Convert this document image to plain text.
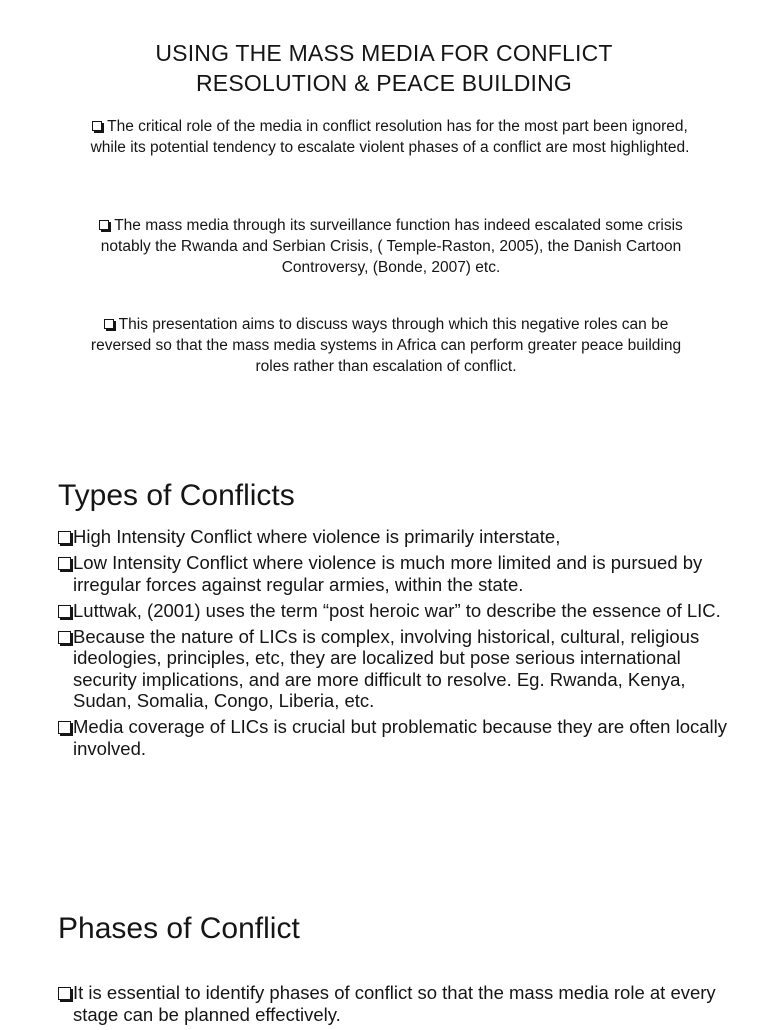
USING THE MASS MEDIA FOR CONFLICT
RESOLUTION & PEACE BUILDING
The critical role of the media in conflict resolution has for the most part been ignored, while its potential tendency to escalate violent phases of a conflict are most highlighted.
The mass media through its surveillance function has indeed escalated some crisis notably the Rwanda and Serbian Crisis, ( Temple-Raston, 2005), the Danish Cartoon Controversy, (Bonde, 2007) etc.
This presentation aims to discuss ways through which this negative roles can be reversed so that the mass media systems in Africa can perform greater peace building roles rather than escalation of conflict.
Types of Conflicts
High Intensity Conflict where violence is primarily interstate,
Low Intensity Conflict where violence is much more limited and is pursued by irregular forces against regular armies, within the state.
Luttwak, (2001) uses the term “post heroic war” to describe the essence of LIC.
Because the nature of LICs is complex, involving historical, cultural, religious ideologies, principles, etc, they are localized but pose serious international security implications, and are more difficult to resolve. Eg. Rwanda, Kenya, Sudan, Somalia, Congo, Liberia, etc.
Media coverage of LICs is crucial but problematic because they are often locally involved.
Phases of Conflict
It is essential to identify phases of conflict so that the mass media role at every stage can be planned effectively.
